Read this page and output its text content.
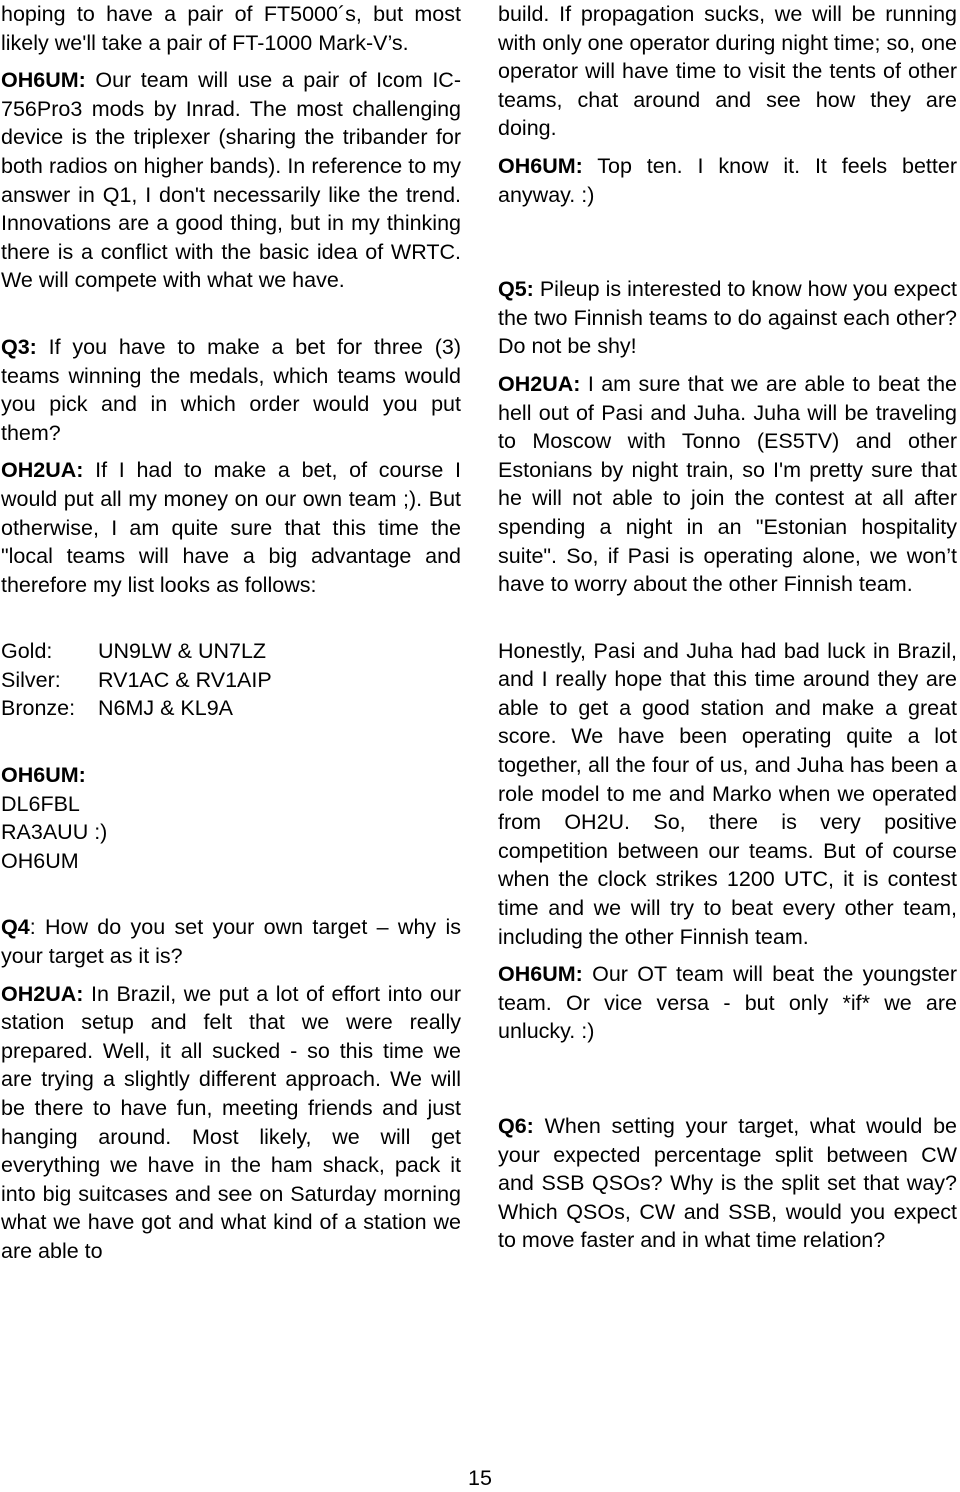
hoping to have a pair of FT5000´s, but most likely we'll take a pair of FT-1000 Mark-V’s.

OH6UM: Our team will use a pair of Icom IC-756Pro3 mods by Inrad. The most challenging device is the triplexer (sharing the tribander for both radios on higher bands). In reference to my answer in Q1, I don't necessarily like the trend. Innovations are a good thing, but in my thinking there is a conflict with the basic idea of WRTC. We will compete with what we have.

Q3: If you have to make a bet for three (3) teams winning the medals, which teams would you pick and in which order would you put them?

OH2UA: If I had to make a bet, of course I would put all my money on our own team ;). But otherwise, I am quite sure that this time the "local teams will have a big advantage and therefore my list looks as follows:

Gold:	UN9LW & UN7LZ
Silver:	RV1AC & RV1AIP
Bronze:	N6MJ & KL9A

OH6UM:

DL6FBL

RA3AUU :)

OH6UM

Q4: How do you set your own target – why is your target as it is?

OH2UA: In Brazil, we put a lot of effort into our station setup and felt that we were really prepared. Well, it all sucked - so this time we are trying a slightly different approach. We will be there to have fun, meeting friends and just hanging around. Most likely, we will get everything we have in the ham shack, pack it into big suitcases and see on Saturday morning what we have got and what kind of a station we are able to

build. If propagation sucks, we will be running with only one operator during night time; so, one operator will have time to visit the tents of other teams, chat around and see how they are doing.

OH6UM: Top ten. I know it. It feels better anyway. :)

Q5: Pileup is interested to know how you expect the two Finnish teams to do against each other? Do not be shy!

OH2UA: I am sure that we are able to beat the hell out of Pasi and Juha. Juha will be traveling to Moscow with Tonno (ES5TV) and other Estonians by night train, so I'm pretty sure that he will not able to join the contest at all after spending a night in an "Estonian hospitality suite". So, if Pasi is operating alone, we won’t have to worry about the other Finnish team.

Honestly, Pasi and Juha had bad luck in Brazil, and I really hope that this time around they are able to get a good station and make a great score. We have been operating quite a lot together, all the four of us, and Juha has been a role model to me and Marko when we operated from OH2U. So, there is very positive competition between our teams. But of course when the clock strikes 1200 UTC, it is contest time and we will try to beat every other team, including the other Finnish team.

OH6UM: Our OT team will beat the youngster team. Or vice versa - but only *if* we are unlucky. :)

Q6: When setting your target, what would be your expected percentage split between CW and SSB QSOs? Why is the split set that way? Which QSOs, CW and SSB, would you expect to move faster and in what time relation?

15
